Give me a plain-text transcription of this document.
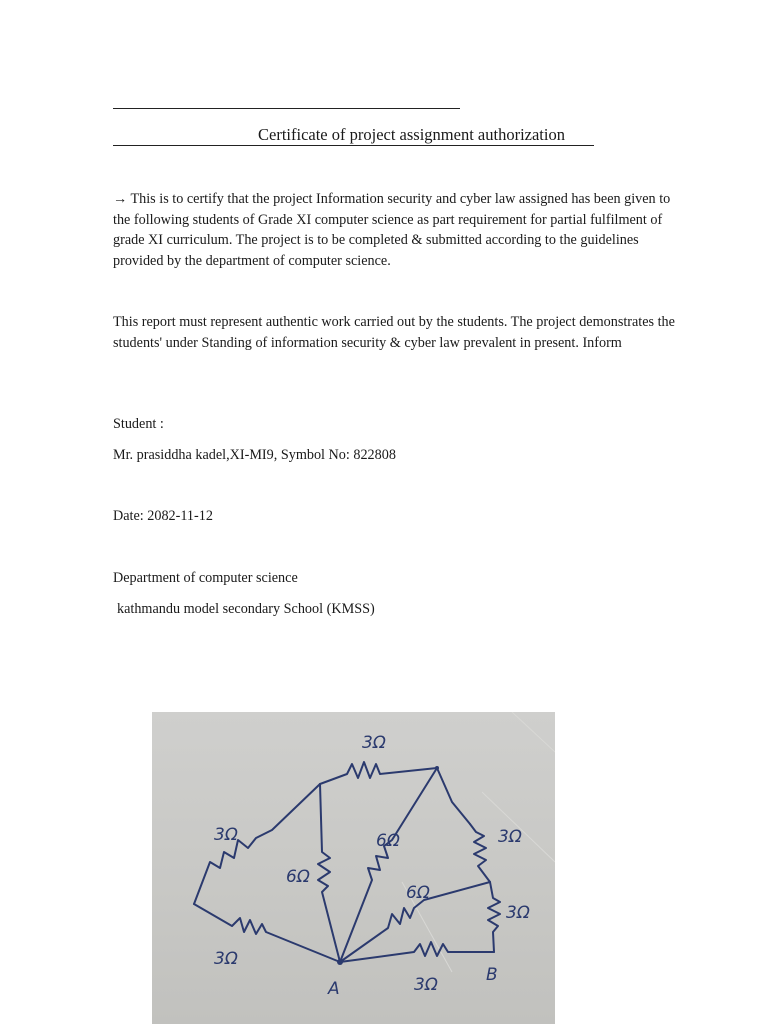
Certificate of project assignment authorization

→ This is to certify that the project Information security and cyber law assigned has been given to the following students of Grade XI computer science as part requirement for partial fulfilment of grade XI curriculum. The project is to be completed & submitted according to the guidelines provided by the department of computer science.

This report must represent authentic work carried out by the students. The project demonstrates the students' under Standing of information security & cyber law prevalent in present. Inform

Student :
Mr. prasiddha kadel,XI-MI9, Symbol No: 822808
Date: 2082-11-12
Department of computer science
kathmandu model secondary School (KMSS)
3Ω
3Ω	3Ω
3Ω
3Ω
3Ω
6Ω
6Ω
6Ω
A
B
